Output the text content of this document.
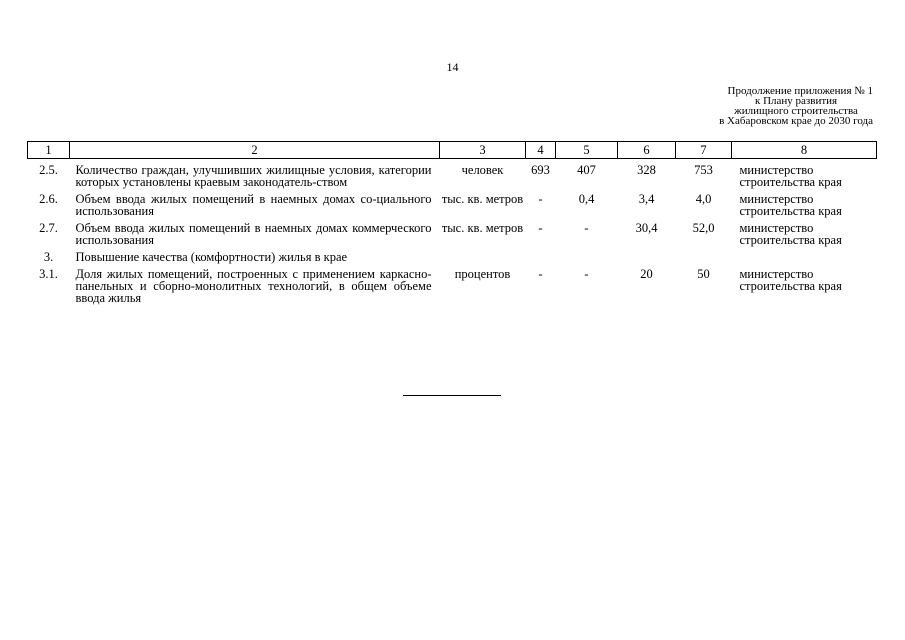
14
Продолжение приложения № 1
к Плану развития
жилищного строительства
в Хабаровском крае до 2030 года
1	2	3	4	5	6	7	8
2.5.	Количество граждан, улучшивших жилищные условия, категории которых установлены краевым законодатель-ством	человек	693	407	328	753	министерство строительства края
2.6.	Объем ввода жилых помещений в наемных домах со-циального использования	тыс. кв. метров	-	0,4	3,4	4,0	министерство строительства края
2.7.	Объем ввода жилых помещений в наемных домах коммерческого использования	тыс. кв. метров	-	-	30,4	52,0	министерство строительства края
3.	Повышение качества (комфортности) жилья в крае						
3.1.	Доля жилых помещений, построенных с применением каркасно-панельных и сборно-монолитных технологий, в общем объеме ввода жилья	процентов	-	-	20	50	министерство строительства края
